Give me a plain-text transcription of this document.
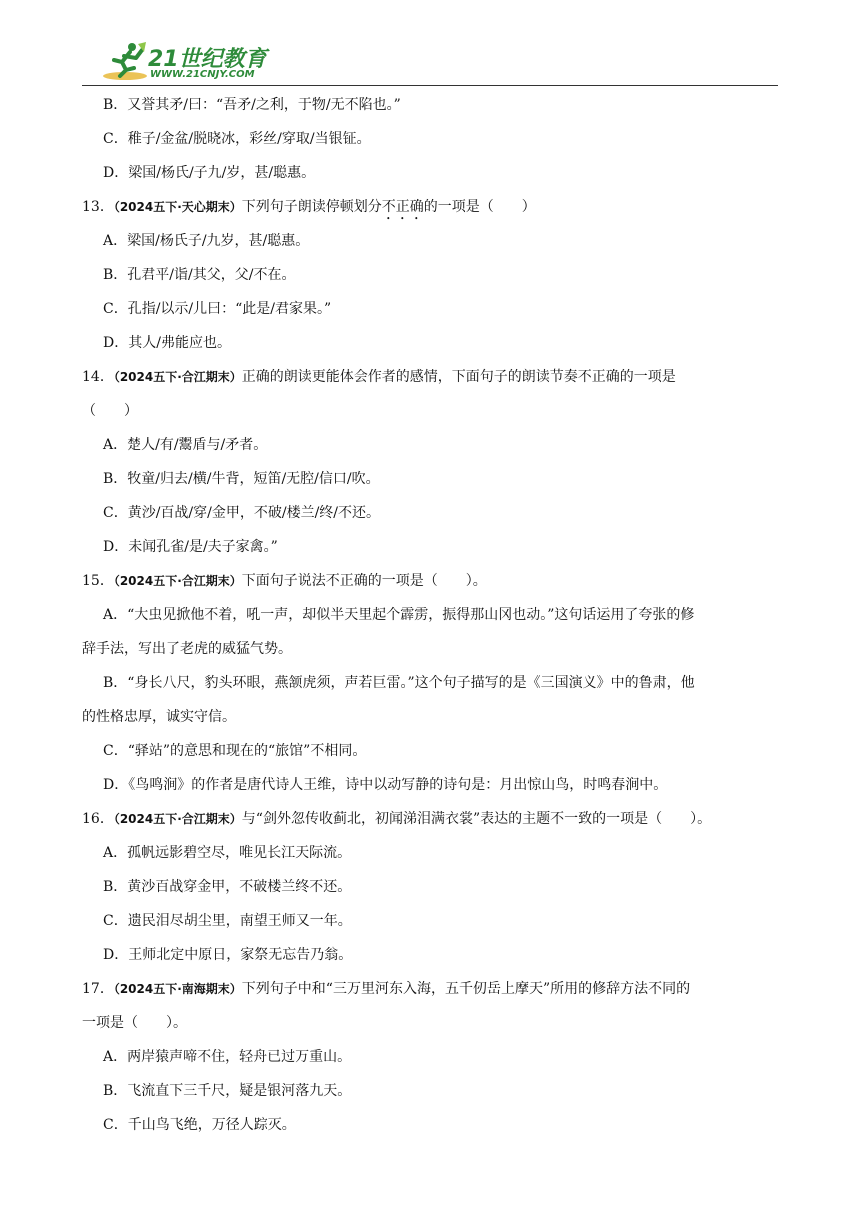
21世纪教育
WWW.21CNJY.COM
B．又誉其矛/曰：“吾矛/之利，于物/无不陷也。”
C．稚子/金盆/脱晓冰，彩丝/穿取/当银钲。
D．梁国/杨氏/子九/岁，甚/聪惠。
13．（2024五下·天心期末）下列句子朗读停顿划分不正确的一项是（　　）
A．梁国/杨氏子/九岁，甚/聪惠。
B．孔君平/诣/其父，父/不在。
C．孔指/以示/儿曰：“此是/君家果。”
D．其人/弗能应也。
14．（2024五下·合江期末）正确的朗读更能体会作者的感情，下面句子的朗读节奏不正确的一项是
（　　）
A．楚人/有/鬻盾与/矛者。
B．牧童/归去/横/牛背，短笛/无腔/信口/吹。
C．黄沙/百战/穿/金甲，不破/楼兰/终/不还。
D．未闻孔雀/是/夫子家禽。”
15．（2024五下·合江期末）下面句子说法不正确的一项是（　　）。
A．“大虫见掀他不着，吼一声，却似半天里起个霹雳，振得那山冈也动。”这句话运用了夸张的修
辞手法，写出了老虎的威猛气势。
B．“身长八尺，豹头环眼，燕颔虎须，声若巨雷。”这个句子描写的是《三国演义》中的鲁肃，他
的性格忠厚，诚实守信。
C．“驿站”的意思和现在的“旅馆”不相同。
D．《鸟鸣涧》的作者是唐代诗人王维，诗中以动写静的诗句是：月出惊山鸟，时鸣春涧中。
16．（2024五下·合江期末）与“剑外忽传收蓟北，初闻涕泪满衣裳”表达的主题不一致的一项是（　　）。
A．孤帆远影碧空尽，唯见长江天际流。
B．黄沙百战穿金甲，不破楼兰终不还。
C．遗民泪尽胡尘里，南望王师又一年。
D．王师北定中原日，家祭无忘告乃翁。
17．（2024五下·南海期末）下列句子中和“三万里河东入海，五千仞岳上摩天”所用的修辞方法不同的
一项是（　　）。
A．两岸猿声啼不住，轻舟已过万重山。
B．飞流直下三千尺，疑是银河落九天。
C．千山鸟飞绝，万径人踪灭。
